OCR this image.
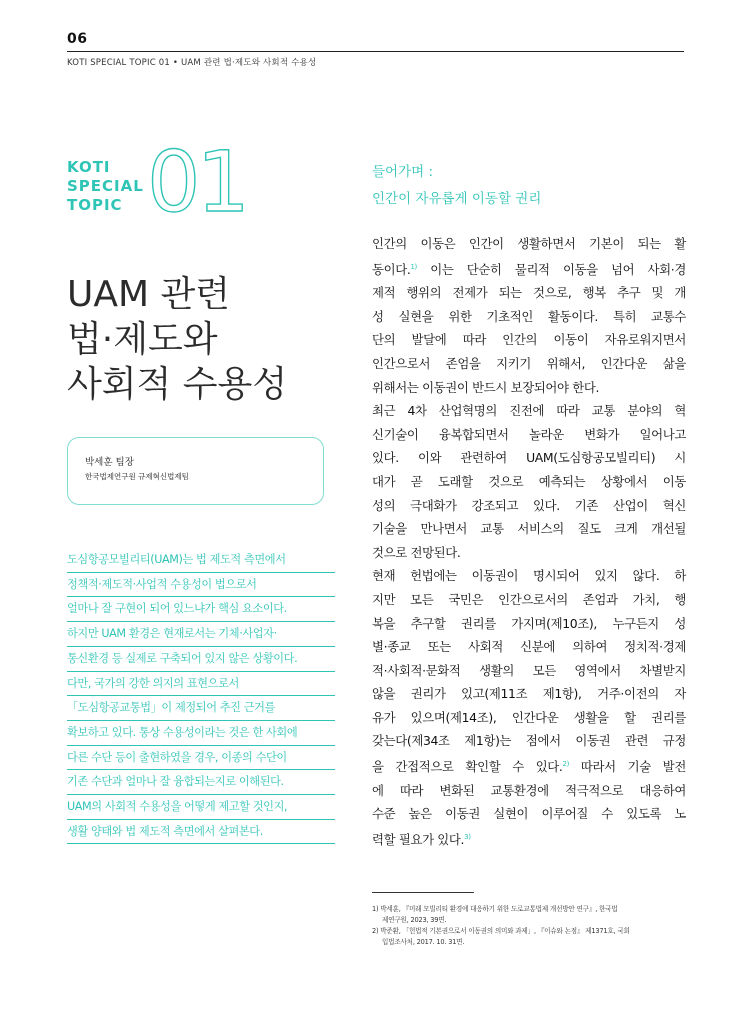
06
KOTI SPECIAL TOPIC 01 • UAM 관련 법·제도와 사회적 수용성
KOTI
SPECIAL
TOPIC 01
UAM 관련
법·제도와
사회적 수용성
박세훈 팀장
한국법제연구원 규제혁신법제팀
도심항공모빌리티(UAM)는 법 제도적 측면에서
정책적·제도적·사업적 수용성이 법으로서
얼마나 잘 구현이 되어 있느냐가 핵심 요소이다.
하지만 UAM 환경은 현재로서는 기체·사업자·
통신환경 등 실제로 구축되어 있지 않은 상황이다.
다만, 국가의 강한 의지의 표현으로서
「도심항공교통법」이 제정되어 추진 근거를
확보하고 있다. 통상 수용성이라는 것은 한 사회에
다른 수단 등이 출현하였을 경우, 이종의 수단이
기존 수단과 얼마나 잘 융합되는지로 이해된다.
UAM의 사회적 수용성을 어떻게 제고할 것인지,
생활 양태와 법 제도적 측면에서 살펴본다.
들어가며 :
인간이 자유롭게 이동할 권리
인간의 이동은 인간이 생활하면서 기본이 되는 활
동이다.$^{1)}$ 이는 단순히 물리적 이동을 넘어 사회·경
제적 행위의 전제가 되는 것으로, 행복 추구 및 개
성 실현을 위한 기초적인 활동이다. 특히 교통수
단의 발달에 따라 인간의 이동이 자유로워지면서
인간으로서 존엄을 지키기 위해서, 인간다운 삶을
위해서는 이동권이 반드시 보장되어야 한다.
최근 4차 산업혁명의 진전에 따라 교통 분야의 혁
신기술이 융복합되면서 놀라운 변화가 일어나고
있다. 이와 관련하여 UAM(도심항공모빌리티) 시
대가 곧 도래할 것으로 예측되는 상황에서 이동
성의 극대화가 강조되고 있다. 기존 산업이 혁신
기술을 만나면서 교통 서비스의 질도 크게 개선될
것으로 전망된다.
현재 헌법에는 이동권이 명시되어 있지 않다. 하
지만 모든 국민은 인간으로서의 존엄과 가치, 행
복을 추구할 권리를 가지며(제10조), 누구든지 성
별·종교 또는 사회적 신분에 의하여 정치적·경제
적·사회적·문화적 생활의 모든 영역에서 차별받지
않을 권리가 있고(제11조 제1항), 거주·이전의 자
유가 있으며(제14조), 인간다운 생활을 할 권리를
갖는다(제34조 제1항)는 점에서 이동권 관련 규정
을 간접적으로 확인할 수 있다.$^{2)}$ 따라서 기술 발전
에 따라 변화된 교통환경에 적극적으로 대응하여
수준 높은 이동권 실현이 이루어질 수 있도록 노
력할 필요가 있다.$^{3)}$
1) 박세훈, 『미래 모빌리티 환경에 대응하기 위한 도로교통법제 개선방안 연구』, 한국법
제연구원, 2023, 39면.
2) 박준환, 「헌법적 기본권으로서 이동권의 의미와 과제」, 『이슈와 논점』 제1371호, 국회
입법조사처, 2017. 10. 31면.
